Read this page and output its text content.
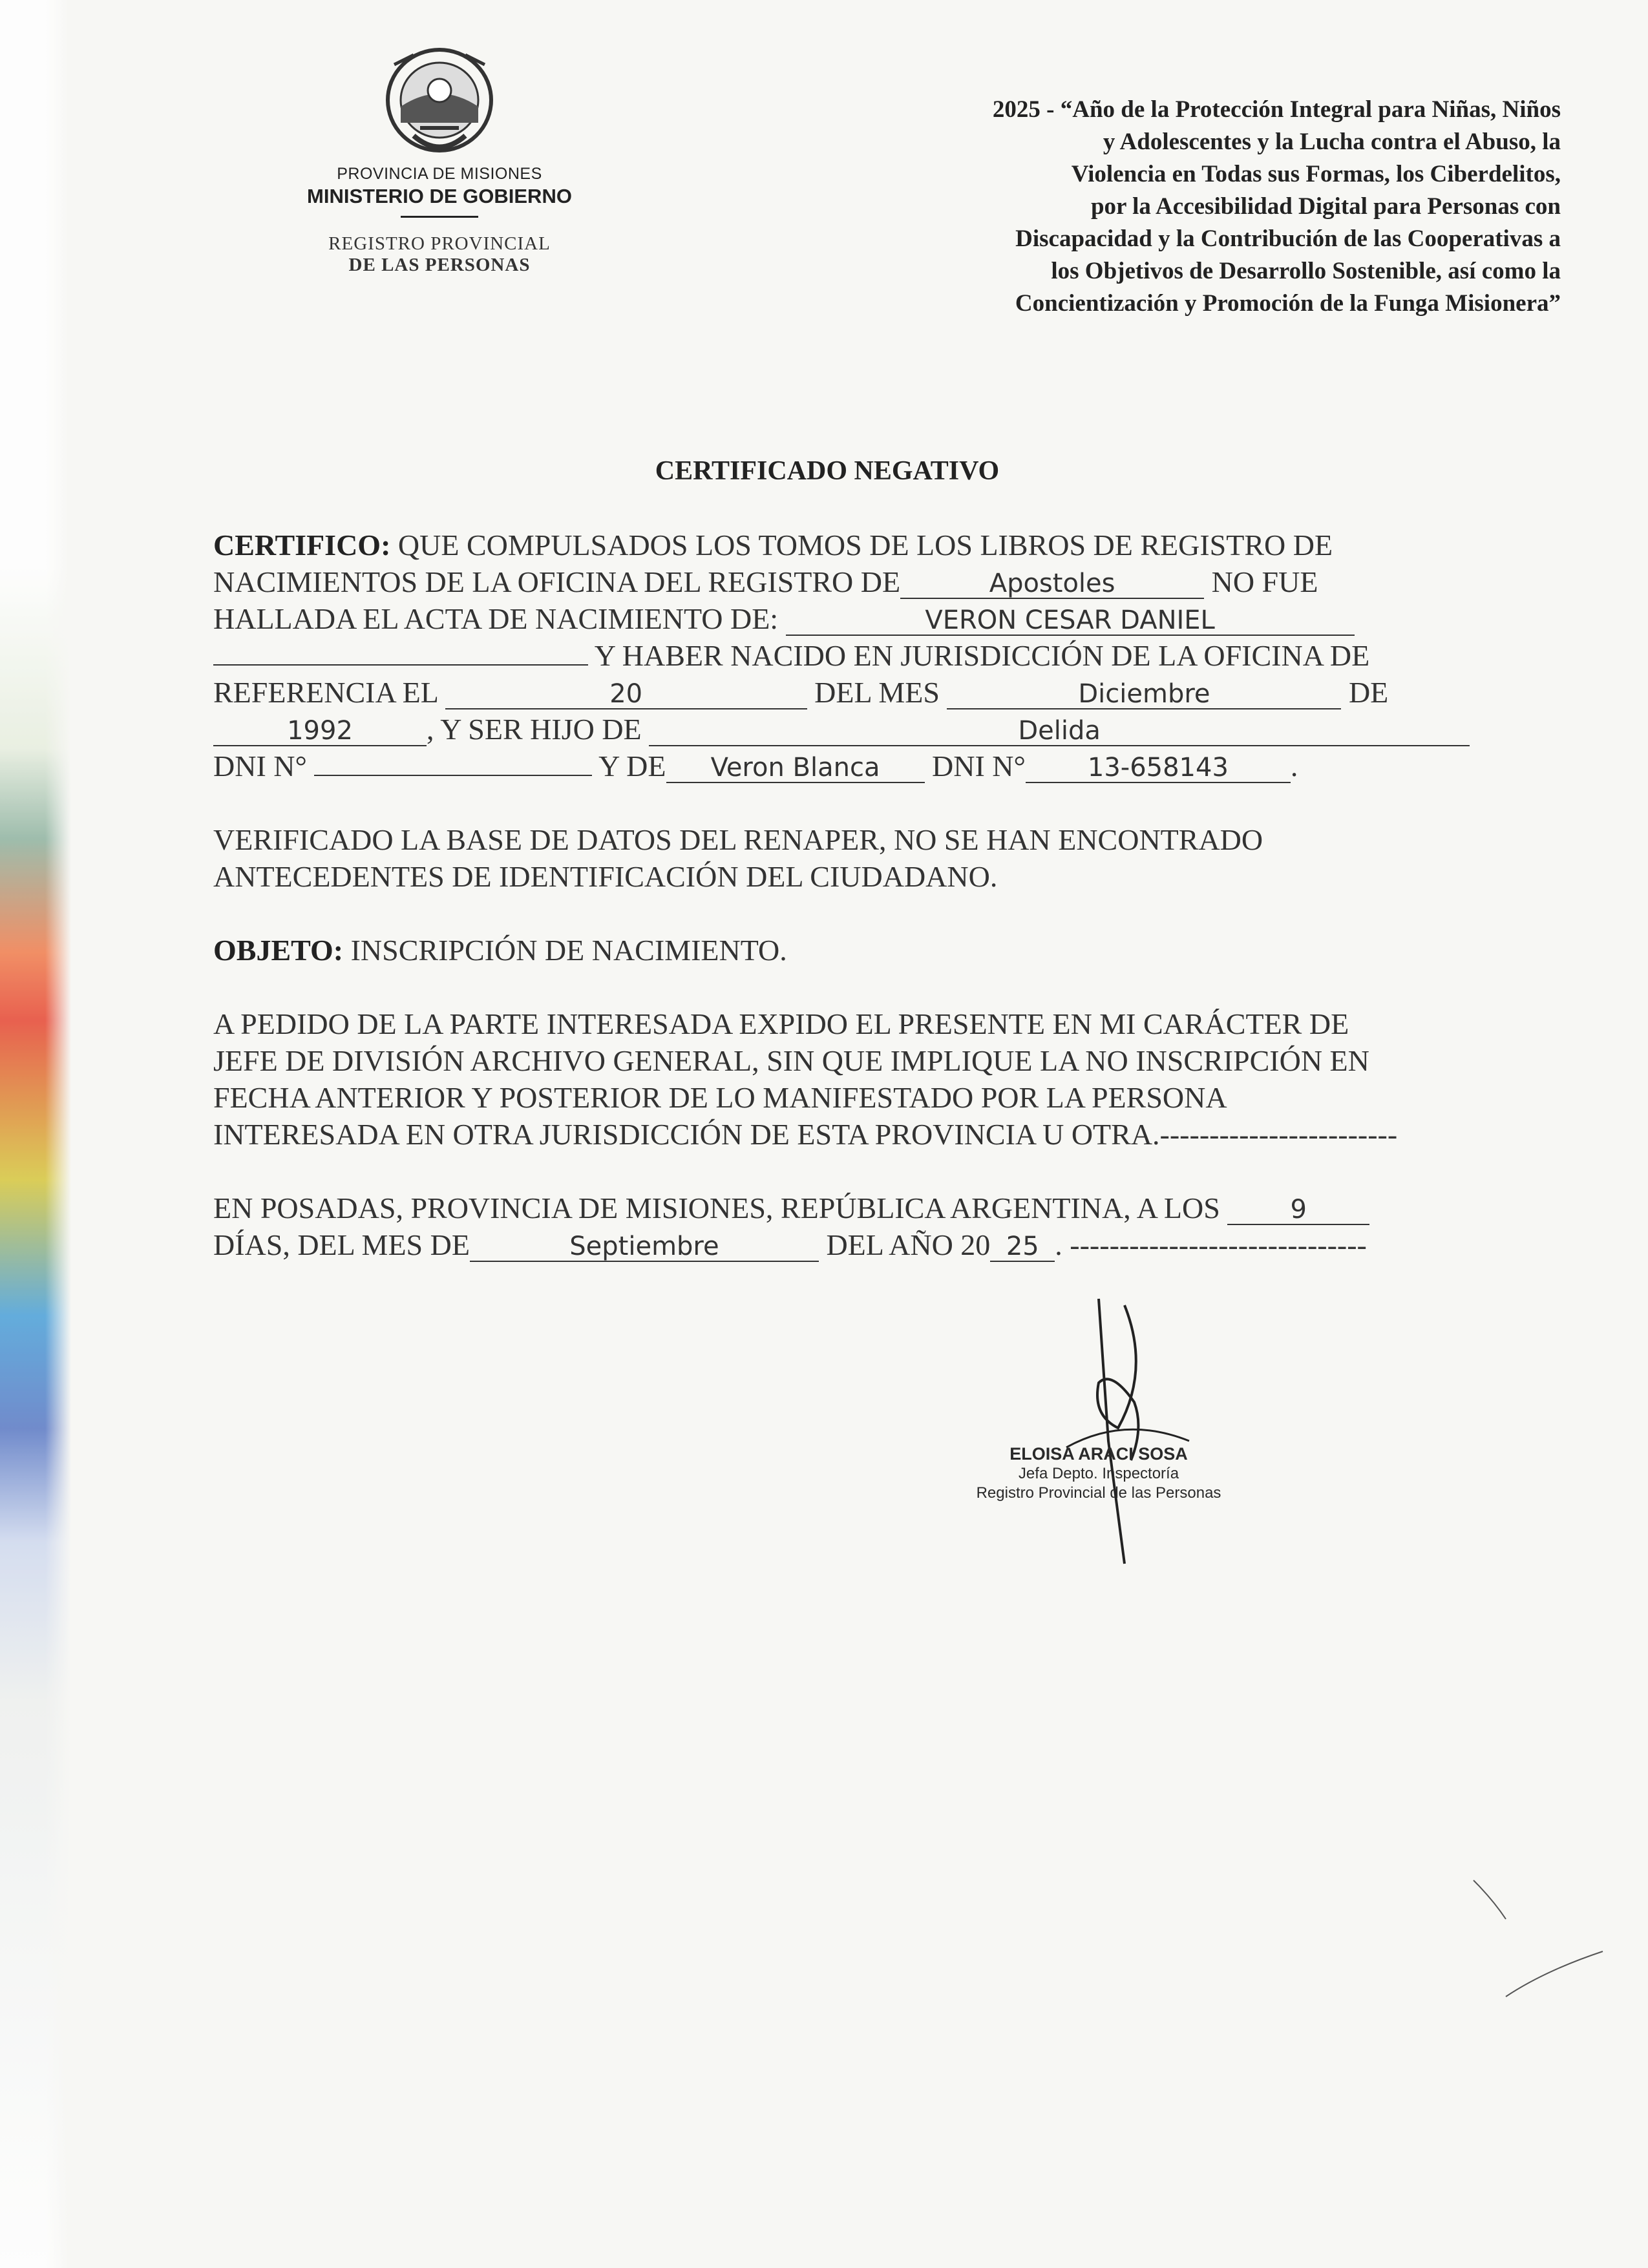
PROVINCIA DE MISIONES
MINISTERIO DE GOBIERNO
REGISTRO PROVINCIAL
DE LAS PERSONAS
2025 - “Año de la Protección Integral para Niñas, Niños
y Adolescentes y la Lucha contra el Abuso, la
Violencia en Todas sus Formas, los Ciberdelitos,
por la Accesibilidad Digital para Personas con
Discapacidad y la Contribución de las Cooperativas a
los Objetivos de Desarrollo Sostenible, así como la
Concientización y Promoción de la Funga Misionera”
CERTIFICADO NEGATIVO

CERTIFICO: QUE COMPULSADOS LOS TOMOS DE LOS LIBROS DE REGISTRO DE
NACIMIENTOS DE LA OFICINA DEL REGISTRO DE	Apostoles	NO FUE
HALLADA EL ACTA DE NACIMIENTO DE:	VERON CESAR DANIEL
Y HABER NACIDO EN JURISDICCIÓN DE LA OFICINA DE
REFERENCIA EL	20	DEL MES	Diciembre	DE
1992 , Y SER HIJO DE	Delida
DNI N°	Y DE Veron Blanca DNI N° 13-658143 .

VERIFICADO LA BASE DE DATOS DEL RENAPER, NO SE HAN ENCONTRADO
ANTECEDENTES DE IDENTIFICACIÓN DEL CIUDADANO.

OBJETO: INSCRIPCIÓN DE NACIMIENTO.

A PEDIDO DE LA PARTE INTERESADA EXPIDO EL PRESENTE EN MI CARÁCTER DE
JEFE DE DIVISIÓN ARCHIVO GENERAL, SIN QUE IMPLIQUE LA NO INSCRIPCIÓN EN
FECHA ANTERIOR Y POSTERIOR DE LO MANIFESTADO POR LA PERSONA
INTERESADA EN OTRA JURISDICCIÓN DE ESTA PROVINCIA U OTRA.------------------------

EN POSADAS, PROVINCIA DE MISIONES, REPÚBLICA ARGENTINA, A LOS	9
DÍAS, DEL MES DE	Septiembre	DEL AÑO 20 25 . ------------------------------

ELOISA ARACI SOSA
Jefa Depto. Inspectoría
Registro Provincial de las Personas
